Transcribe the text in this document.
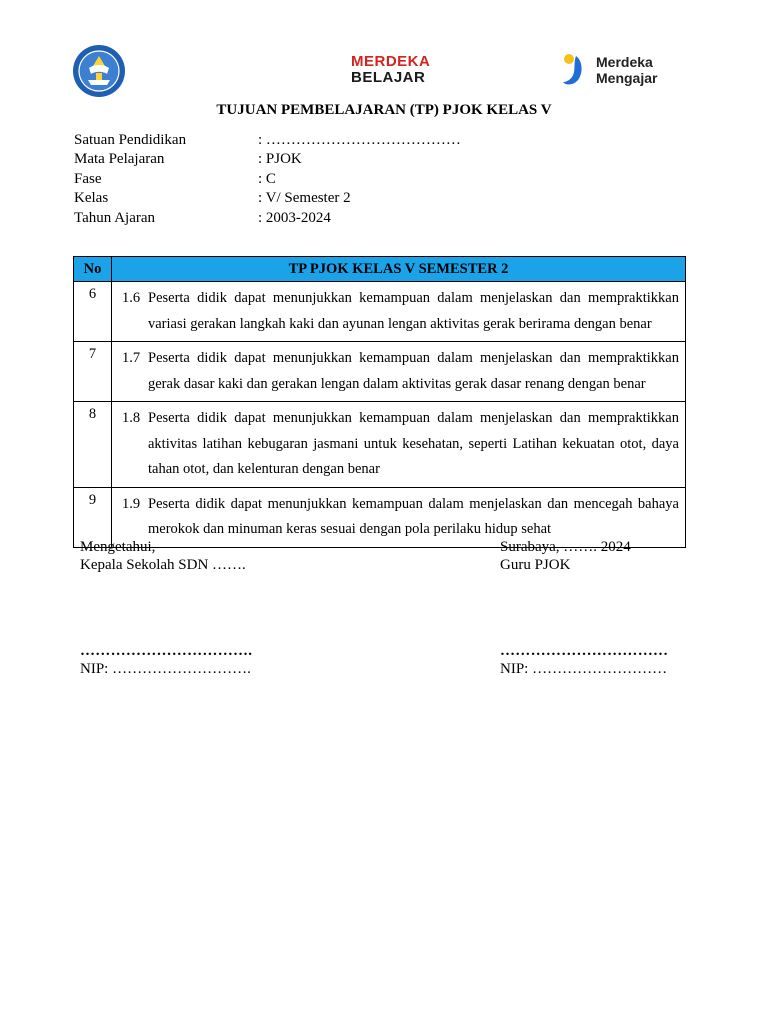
MERDEKA
BELAJAR
Merdeka
Mengajar
TUJUAN PEMBELAJARAN (TP) PJOK KELAS V
Satuan Pendidikan	: …………………………………
Mata Pelajaran	: PJOK
Fase	: C
Kelas	: V/ Semester 2
Tahun Ajaran	: 2003-2024
No	TP PJOK KELAS V SEMESTER 2
6	1.6 Peserta didik dapat menunjukkan kemampuan dalam menjelaskan dan mempraktikkan variasi gerakan langkah kaki dan ayunan lengan aktivitas gerak berirama dengan benar

7	1.7 Peserta didik dapat menunjukkan kemampuan dalam menjelaskan dan mempraktikkan gerak dasar kaki dan gerakan lengan dalam aktivitas gerak dasar renang dengan benar

8	1.8 Peserta didik dapat menunjukkan kemampuan dalam menjelaskan dan mempraktikkan aktivitas latihan kebugaran jasmani untuk kesehatan, seperti Latihan kekuatan otot, daya tahan otot, dan kelenturan dengan benar

9	1.9 Peserta didik dapat menunjukkan kemampuan dalam menjelaskan dan mencegah bahaya merokok dan minuman keras sesuai dengan pola perilaku hidup sehat
Mengetahui,
Kepala Sekolah SDN …….
…………………………….
NIP: ……………………….
Surabaya, ……. 2024
Guru PJOK
……………………………
NIP: ………………………
